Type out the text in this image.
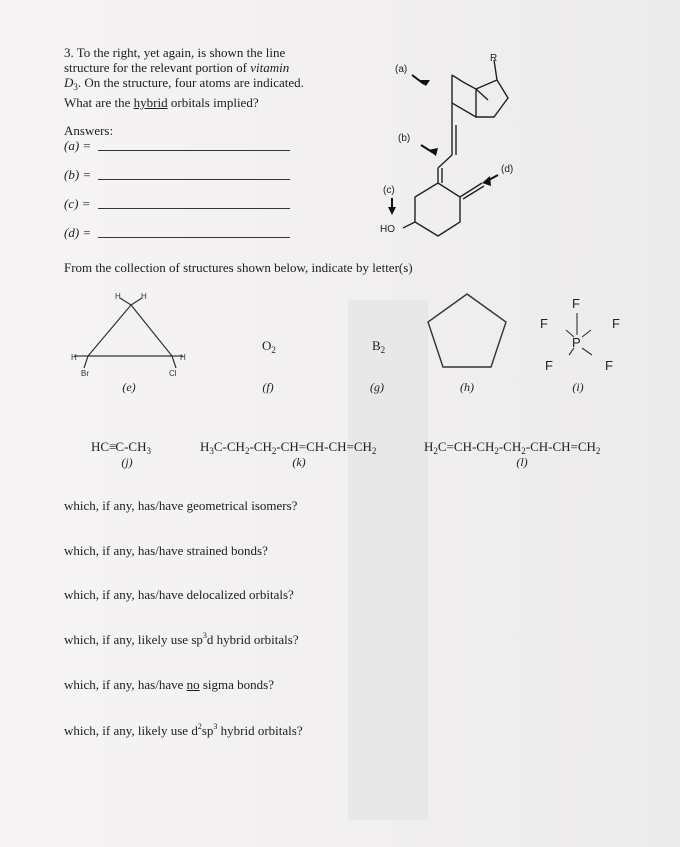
3. To the right, yet again, is shown the line

structure for the relevant portion of vitamin

$D_3$. On the structure, four atoms are indicated.

What are the hybrid orbitals implied?

Answers:
(a) =
(b) =
(c) =
(d) =
(a)
(b)
(d)
(c)
R
HO
From the collection of structures shown below, indicate by letter(s)
H	H
H	H
Br	Cl
F
F	F
P
F	F
$O_2$	$B_2$
(e)	(f)	(g)	(h)	(i)
$HC\equiv C-CH_3$	$H_3C-CH_2-CH_2-CH=CH-CH=CH_2$	$H_2C=CH-CH_2-CH_2-CH-CH=CH_2$
(j)	(k)	(l)
which, if any, has/have geometrical isomers?
which, if any, has/have strained bonds?
which, if any, has/have delocalized orbitals?
which, if any, likely use $sp^3d$ hybrid orbitals?
which, if any, has/have no sigma bonds?
which, if any, likely use $d^2sp^3$ hybrid orbitals?
